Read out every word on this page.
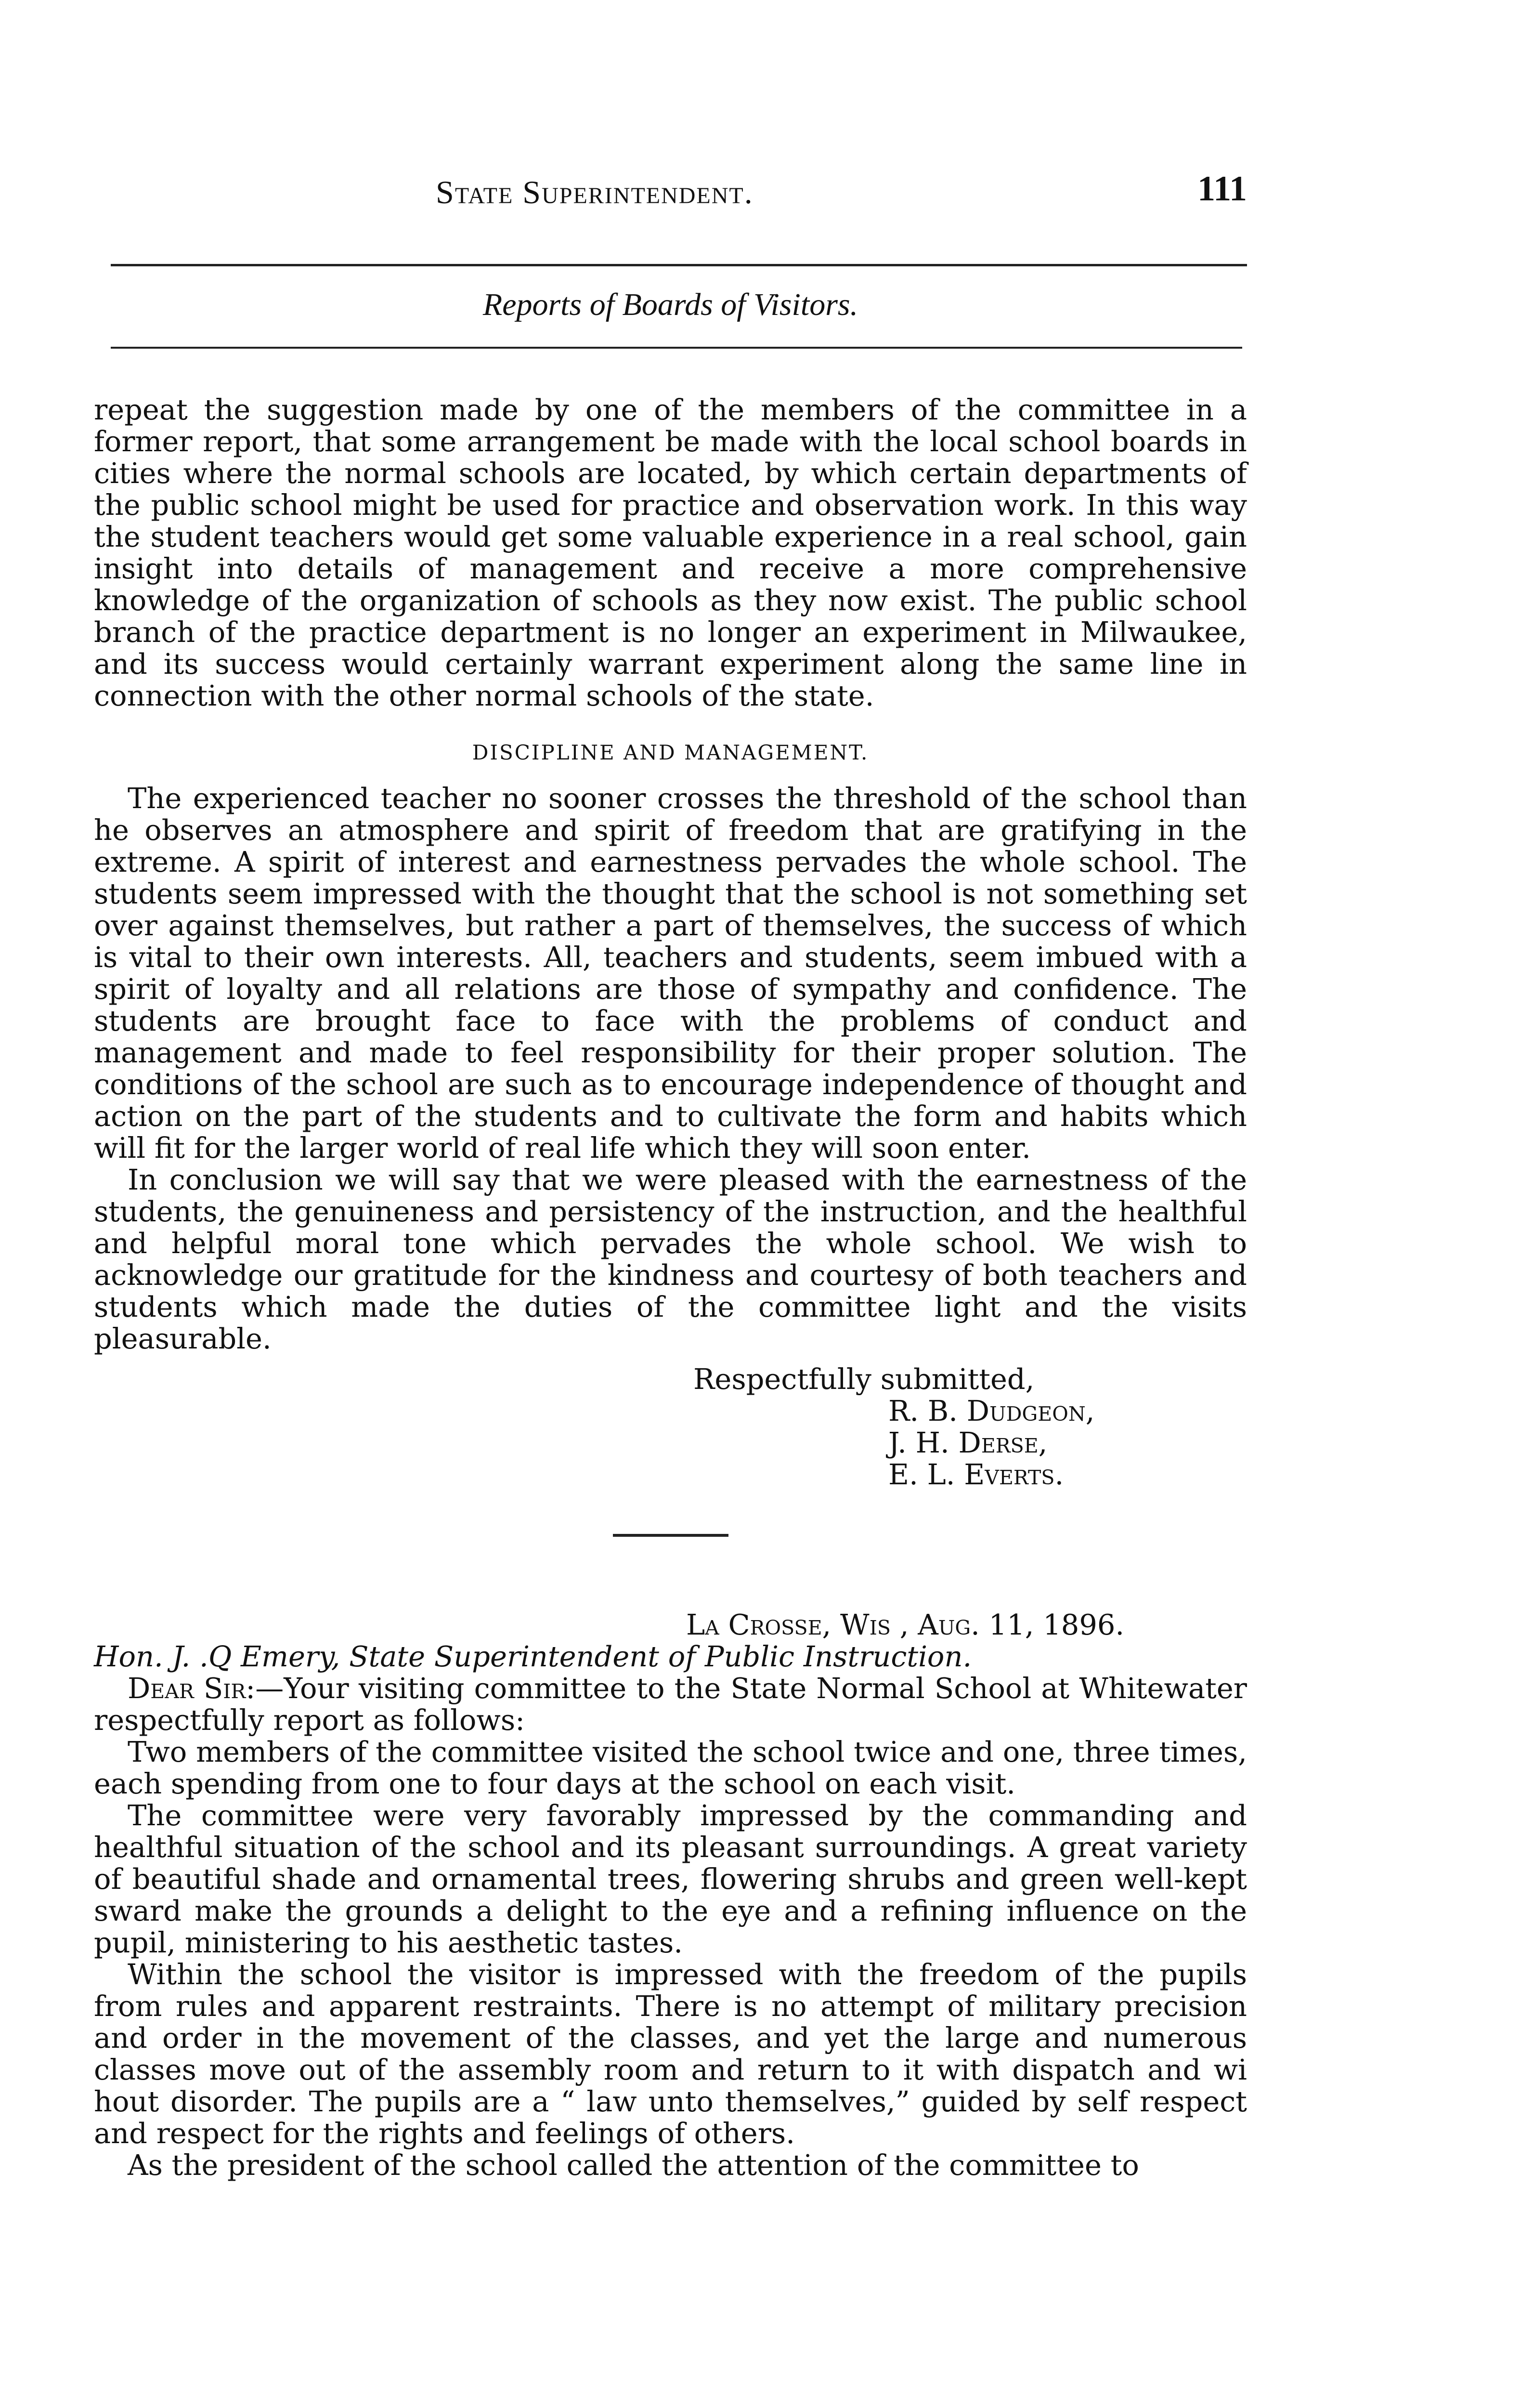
State Superintendent.	111
Reports of Boards of Visitors.

repeat the suggestion made by one of the members of the committee in a former report, that some arrangement be made with the local school boards in cities where the normal schools are located, by which certain departments of the public school might be used for practice and observation work. In this way the student teachers would get some valuable experience in a real school, gain insight into details of management and receive a more comprehensive knowledge of the organization of schools as they now exist. The public school branch of the practice department is no longer an experiment in Milwaukee, and its success would certainly warrant experiment along the same line in connection with the other normal schools of the state.

DISCIPLINE AND MANAGEMENT.

The experienced teacher no sooner crosses the threshold of the school than he observes an atmosphere and spirit of freedom that are gratifying in the extreme. A spirit of interest and earnestness pervades the whole school. The students seem impressed with the thought that the school is not something set over against themselves, but rather a part of themselves, the success of which is vital to their own interests. All, teachers and students, seem imbued with a spirit of loyalty and all relations are those of sympathy and confidence. The students are brought face to face with the problems of conduct and management and made to feel responsibility for their proper solution. The conditions of the school are such as to encourage independence of thought and action on the part of the students and to cultivate the form and habits which will fit for the larger world of real life which they will soon enter.

In conclusion we will say that we were pleased with the earnestness of the students, the genuineness and persistency of the instruction, and the healthful and helpful moral tone which pervades the whole school. We wish to acknowledge our gratitude for the kindness and courtesy of both teachers and students which made the duties of the committee light and the visits pleasurable.

Respectfully submitted,
R. B. Dudgeon,
J. H. Derse,
E. L. Everts.
La Crosse, Wis , Aug. 11, 1896.
Hon. J. .Q Emery, State Superintendent of Public Instruction.

Dear Sir:—Your visiting committee to the State Normal School at Whitewater respectfully report as follows:

Two members of the committee visited the school twice and one, three times, each spending from one to four days at the school on each visit.

The committee were very favorably impressed by the commanding and healthful situation of the school and its pleasant surroundings. A great variety of beautiful shade and ornamental trees, flowering shrubs and green well-kept sward make the grounds a delight to the eye and a refining influence on the pupil, ministering to his aesthetic tastes.

Within the school the visitor is impressed with the freedom of the pupils from rules and apparent restraints. There is no attempt of military precision and order in the movement of the classes, and yet the large and numerous classes move out of the assembly room and return to it with dispatch and wi hout disorder. The pupils are a “ law unto themselves,” guided by self respect and respect for the rights and feelings of others.

As the president of the school called the attention of the committee to
